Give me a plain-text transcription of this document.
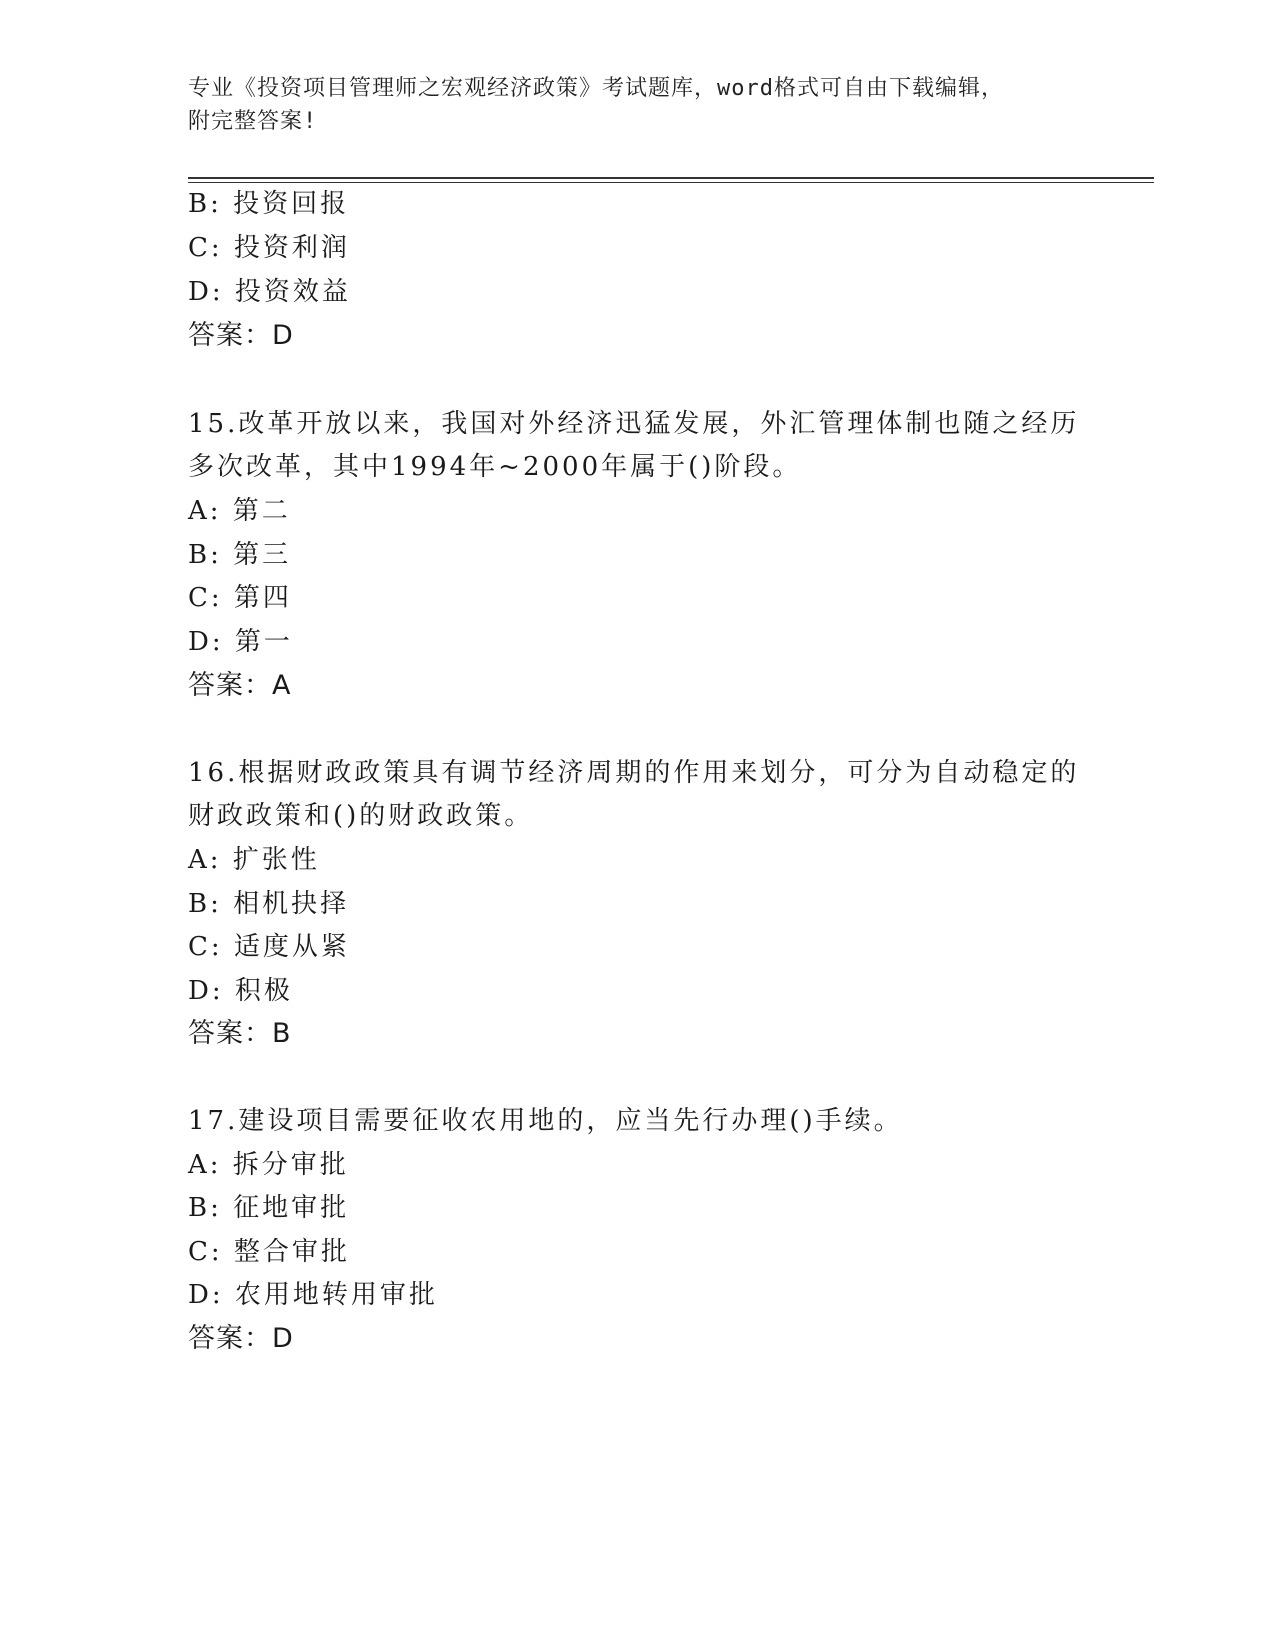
专业《投资项目管理师之宏观经济政策》考试题库，word格式可自由下载编辑，
附完整答案!
B: 投资回报
C: 投资利润
D: 投资效益
答案：D
15.改革开放以来，我国对外经济迅猛发展，外汇管理体制也随之经历
多次改革，其中1994年~2000年属于()阶段。
A: 第二
B: 第三
C: 第四
D: 第一
答案：A
16.根据财政政策具有调节经济周期的作用来划分，可分为自动稳定的
财政政策和()的财政政策。
A: 扩张性
B: 相机抉择
C: 适度从紧
D: 积极
答案：B
17.建设项目需要征收农用地的，应当先行办理()手续。
A: 拆分审批
B: 征地审批
C: 整合审批
D: 农用地转用审批
答案：D
